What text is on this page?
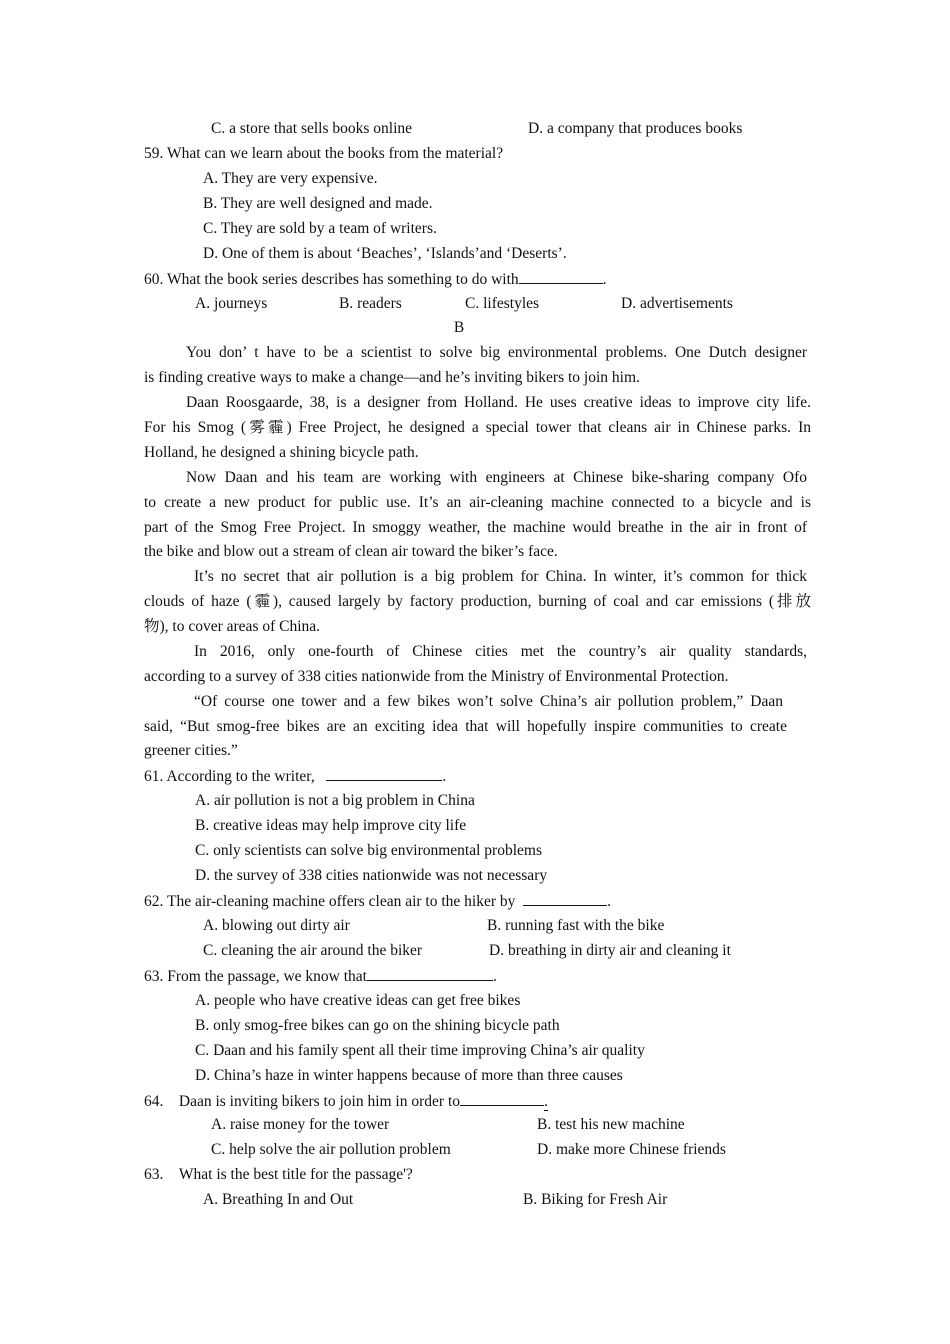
C. a store that sells books online	D. a company that produces books
59. What can we learn about the books from the material?
A. They are very expensive.
B. They are well designed and made.
C. They are sold by a team of writers.
D. One of them is about ‘Beaches’, ‘Islands’and ‘Deserts’.
60. What the book series describes has something to do with	.
A. journeys	B. readers	C. lifestyles	D. advertisements
B
You don’ t have to be a scientist to solve big environmental problems. One Dutch designer
is finding creative ways to make a change—and he’s inviting bikers to join him.
Daan Roosgaarde, 38, is a designer from Holland. He uses creative ideas to improve city life.
For his Smog (雾霾) Free Project, he designed a special tower that cleans air in Chinese parks. In
Holland, he designed a shining bicycle path.
Now Daan and his team are working with engineers at Chinese bike-sharing company Ofo
to create a new product for public use. It’s an air-cleaning machine connected to a bicycle and is
part of the Smog Free Project. In smoggy weather, the machine would breathe in the air in front of
the bike and blow out a stream of clean air toward the biker’s face.
It’s no secret that air pollution is a big problem for China. In winter, it’s common for thick
clouds of haze (霾), caused largely by factory production, burning of coal and car emissions (排放
物), to cover areas of China.
In 2016, only one-fourth of Chinese cities met the country’s air quality standards,
according to a survey of 338 cities nationwide from the Ministry of Environmental Protection.
“Of course one tower and a few bikes won’t solve China’s air pollution problem,” Daan
said, “But smog-free bikes are an exciting idea that will hopefully inspire communities to create
greener cities.”
61. According to the writer,	.
A. air pollution is not a big problem in China
B. creative ideas may help improve city life
C. only scientists can solve big environmental problems
D. the survey of 338 cities nationwide was not necessary
62. The air-cleaning machine offers clean air to the hiker by	.
A. blowing out dirty air	B. running fast with the bike
C. cleaning the air around the biker	D. breathing in dirty air and cleaning it
63. From the passage, we know that	.
A. people who have creative ideas can get free bikes
B. only smog-free bikes can go on the shining bicycle path
C. Daan and his family spent all their time improving China’s air quality
D. China’s haze in winter happens because of more than three causes
64. Daan is inviting bikers to join him in order to	.
A. raise money for the tower	B. test his new machine
C. help solve the air pollution problem	D. make more Chinese friends
63. What is the best title for the passage'?
A. Breathing In and Out	B. Biking for Fresh Air
